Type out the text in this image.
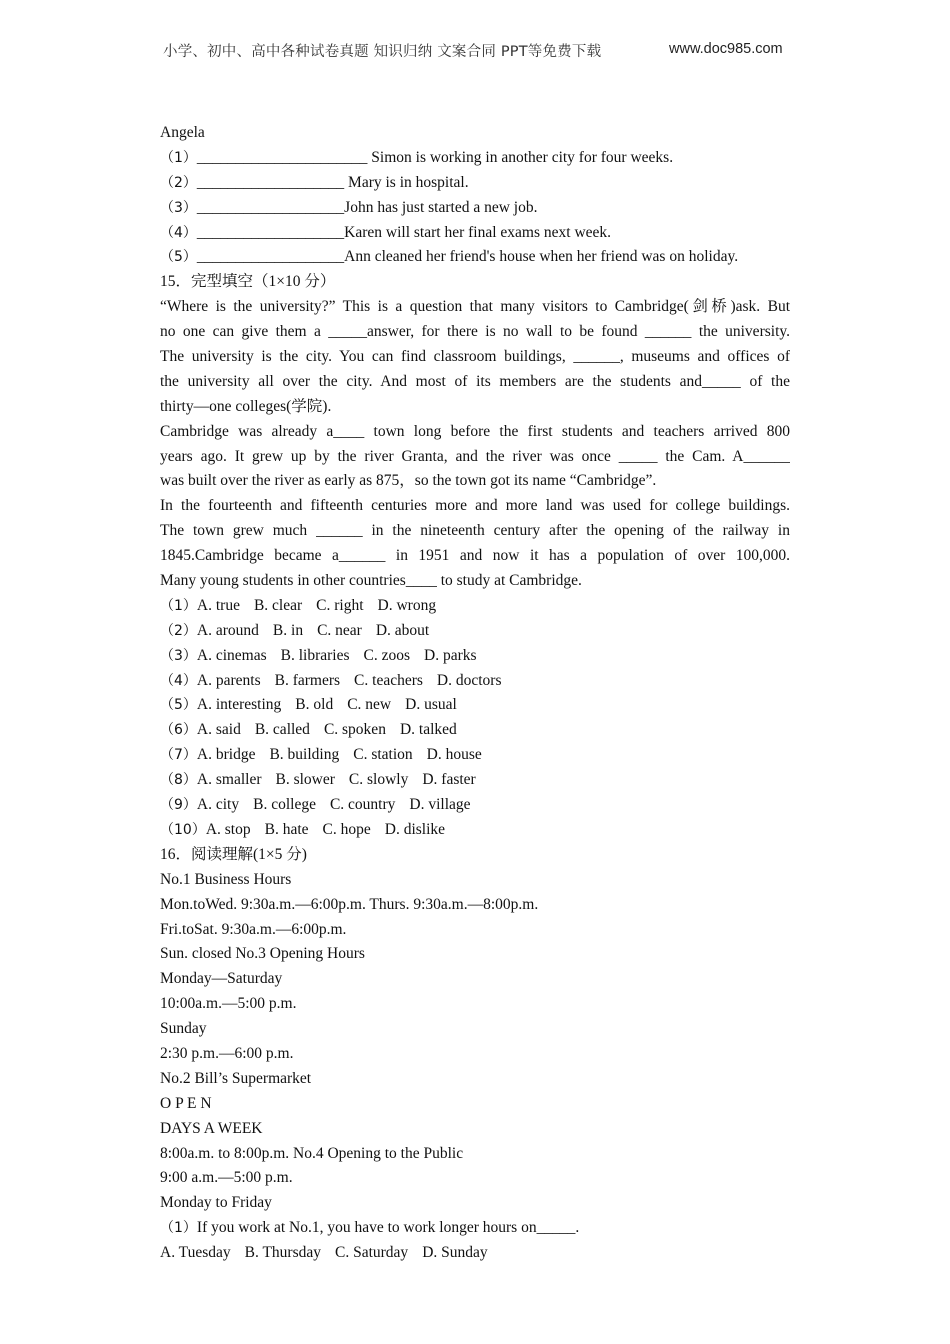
小学、初中、高中各种试卷真题 知识归纳 文案合同 PPT等免费下载	www.doc985.com
Angela
（1）______________________ Simon is working in another city for four weeks.
（2）___________________ Mary is in hospital.
（3）___________________John has just started a new job.
（4）___________________Karen will start her final exams next week.
（5）___________________Ann cleaned her friend's house when her friend was on holiday.
15．完型填空（1×10 分）
“Where is the university?” This is a question that many visitors to Cambridge(剑桥)ask. But
no one can give them a _____answer, for there is no wall to be found ______ the university.
The university is the city. You can find classroom buildings, ______, museums and offices of
the university all over the city. And most of its members are the students and_____ of the
thirty—one colleges(学院).
Cambridge was already a____ town long before the first students and teachers arrived 800
years ago. It grew up by the river Granta, and the river was once _____ the Cam. A______
was built over the river as early as 875，so the town got its name “Cambridge”.
In the fourteenth and fifteenth centuries more and more land was used for college buildings.
The town grew much ______ in the nineteenth century after the opening of the railway in
1845.Cambridge became a______ in 1951 and now it has a population of over 100,000.
Many young students in other countries____ to study at Cambridge.
（1）A. true B. clear C. right D. wrong
（2）A. around B. in C. near D. about
（3）A. cinemas B. libraries C. zoos D. parks
（4）A. parents B. farmers C. teachers D. doctors
（5）A. interesting B. old C. new D. usual
（6）A. said B. called C. spoken D. talked
（7）A. bridge B. building C. station D. house
（8）A. smaller B. slower C. slowly D. faster
（9）A. city B. college C. country D. village
（10）A. stop B. hate C. hope D. dislike
16．阅读理解(1×5 分)
No.1 Business Hours
Mon.toWed. 9:30a.m.—6:00p.m. Thurs. 9:30a.m.—8:00p.m.
Fri.toSat. 9:30a.m.—6:00p.m.
Sun. closed No.3 Opening Hours
Monday—Saturday
10:00a.m.—5:00 p.m.
Sunday
2:30 p.m.—6:00 p.m.
No.2 Bill’s Supermarket
O P E N
DAYS A WEEK
8:00a.m. to 8:00p.m. No.4 Opening to the Public
9:00 a.m.—5:00 p.m.
Monday to Friday
（1）If you work at No.1, you have to work longer hours on_____.
A. Tuesday B. Thursday C. Saturday D. Sunday
